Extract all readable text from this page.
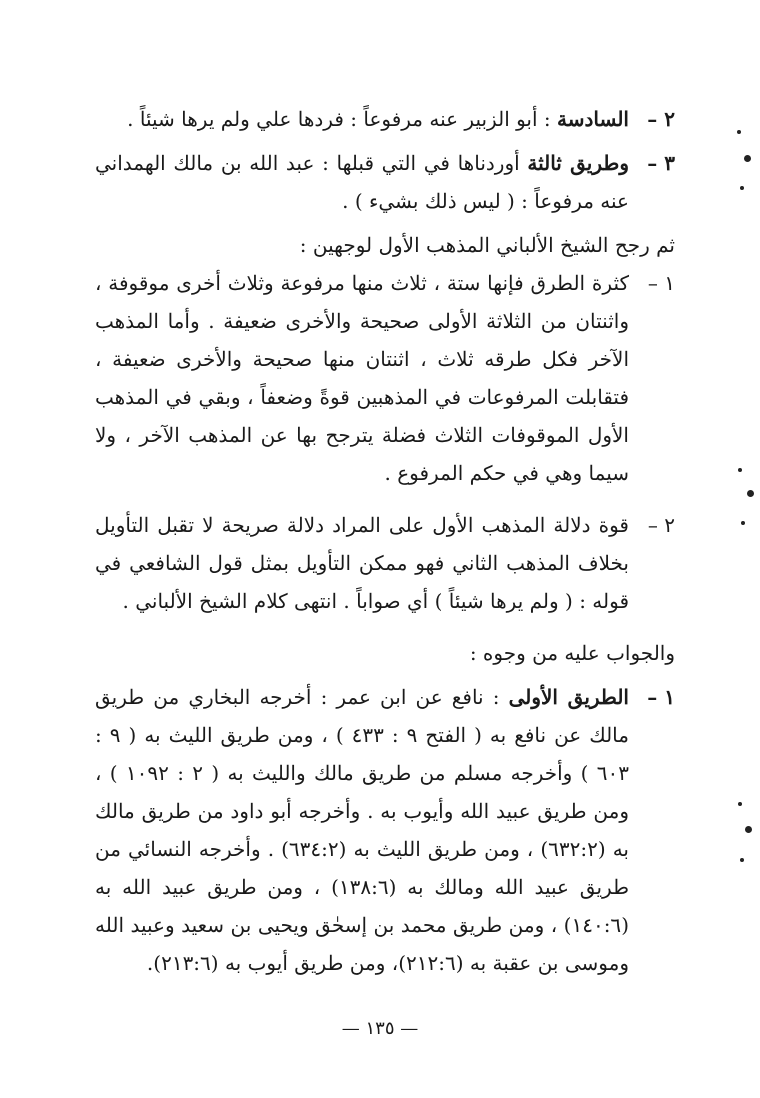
٢ –
السادسة : أبو الزبير عنه مرفوعاً : فردها علي ولم يرها شيئاً .
٣ –
وطريق ثالثة أوردناها في التي قبلها : عبد الله بن مالك الهمداني عنه مرفوعاً : ( ليس ذلك بشيء ) .

ثم رجح الشيخ الألباني المذهب الأول لوجهين :

١ –
كثرة الطرق فإنها ستة ، ثلاث منها مرفوعة وثلاث أخرى موقوفة ، واثنتان من الثلاثة الأولى صحيحة والأخرى ضعيفة . وأما المذهب الآخر فكل طرقه ثلاث ، اثنتان منها صحيحة والأخرى ضعيفة ، فتقابلت المرفوعات في المذهبين قوةً وضعفاً ، وبقي في المذهب الأول الموقوفات الثلاث فضلة يترجح بها عن المذهب الآخر ، ولا سيما وهي في حكم المرفوع .
٢ –
قوة دلالة المذهب الأول على المراد دلالة صريحة لا تقبل التأويل بخلاف المذهب الثاني فهو ممكن التأويل بمثل قول الشافعي في قوله : ( ولم يرها شيئاً ) أي صواباً . انتهى كلام الشيخ الألباني .

والجواب عليه من وجوه :

١ –
الطريق الأولى : نافع عن ابن عمر : أخرجه البخاري من طريق مالك عن نافع به ( الفتح ٩ : ٤٣٣ ) ، ومن طريق الليث به ( ٩ : ٦٠٣ ) وأخرجه مسلم من طريق مالك والليث به ( ٢ : ١٠٩٢ ) ، ومن طريق عبيد الله وأيوب به . وأخرجه أبو داود من طريق مالك به (٦٣٢:٢) ، ومن طريق الليث به (٦٣٤:٢) . وأخرجه النسائي من طريق عبيد الله ومالك به (١٣٨:٦) ، ومن طريق عبيد الله به (١٤٠:٦) ، ومن طريق محمد بن إسحٰق ويحيى بن سعيد وعبيد الله وموسى بن عقبة به (٢١٢:٦)، ومن طريق أيوب به (٢١٣:٦).
— ١٣٥ —
